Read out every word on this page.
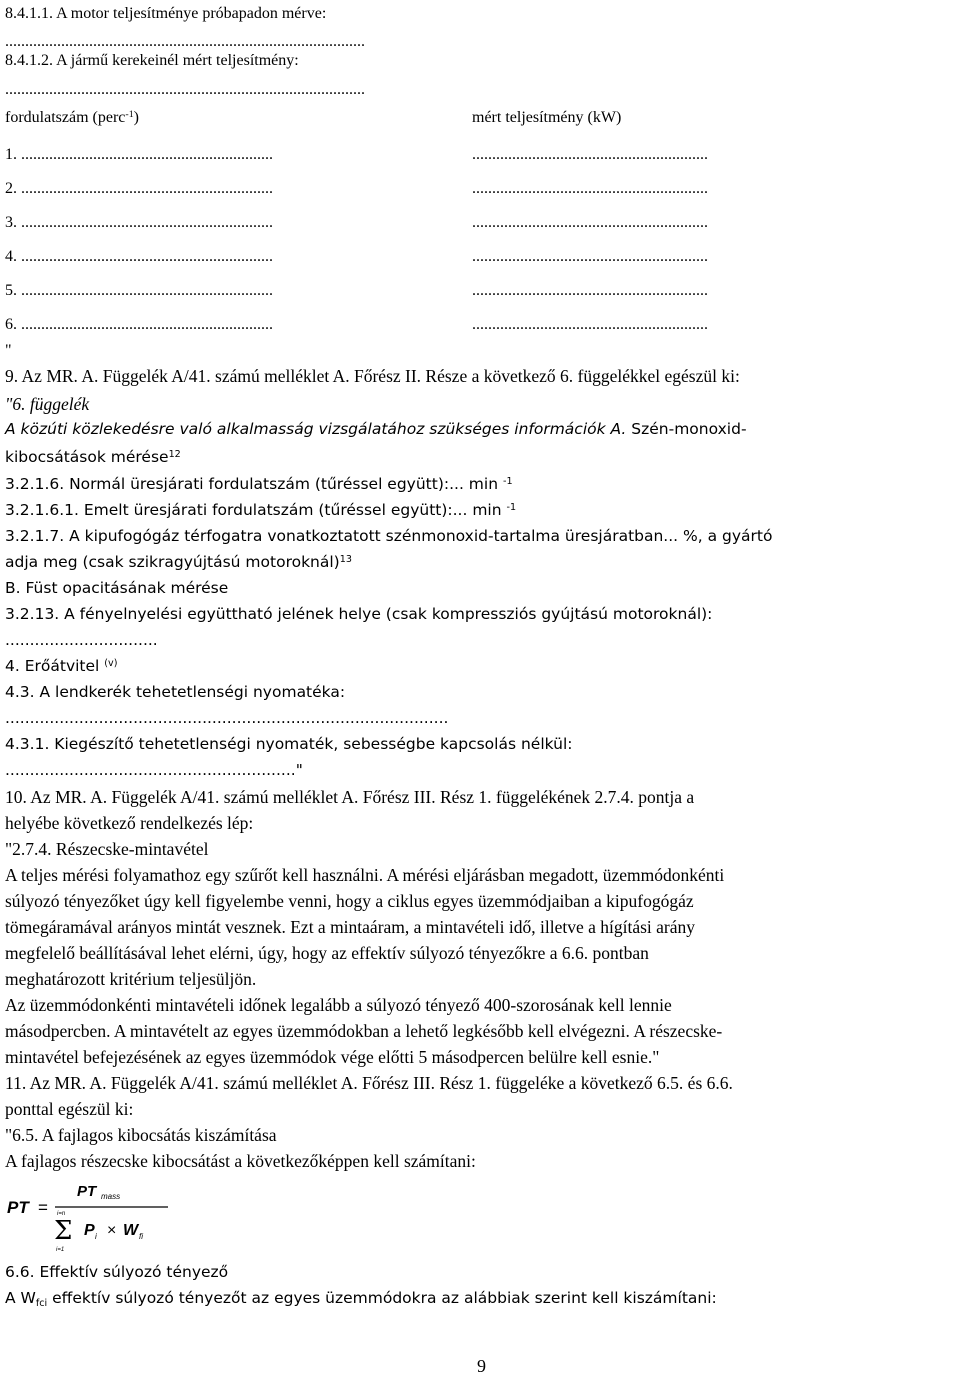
8.4.1.1. A motor teljesítménye próbapadon mérve:
..........................................................................................
8.4.1.2. A jármű kerekeinél mért teljesítmény:
..........................................................................................
fordulatszám (perc$^{-1}$)	mért teljesítmény (kW)
1. ...............................................................	...........................................................
2. ...............................................................	...........................................................
3. ...............................................................	...........................................................
4. ...............................................................	...........................................................
5. ...............................................................	...........................................................
6. ...............................................................	...........................................................
"
9. Az MR. A. Függelék A/41. számú melléklet A. Főrész II. Része a következő 6. függelékkel egészül ki:
"6. függelék
A közúti közlekedésre való alkalmasság vizsgálatához szükséges információk A. Szén-monoxid-
kibocsátások mérése$^{12}$
3.2.1.6. Normál üresjárati fordulatszám (tűréssel együtt):... min $^{-1}$
3.2.1.6.1. Emelt üresjárati fordulatszám (tűréssel együtt):... min $^{-1}$
3.2.1.7. A kipufogógáz térfogatra vonatkoztatott szénmonoxid-tartalma üresjáratban... %, a gyártó
adja meg (csak szikragyújtású motoroknál)$^{13}$
B. Füst opacitásának mérése
3.2.13. A fényelnyelési együttható jelének helye (csak kompressziós gyújtású motoroknál):
...............................
4. Erőátvitel $^{(v)}$
4.3. A lendkerék tehetetlenségi nyomatéka:
..........................................................................................
4.3.1. Kiegészítő tehetetlenségi nyomaték, sebességbe kapcsolás nélkül:
..........................................................."
10. Az MR. A. Függelék A/41. számú melléklet A. Főrész III. Rész 1. függelékének 2.7.4. pontja a
helyébe következő rendelkezés lép:
"2.7.4. Részecske-mintavétel
A teljes mérési folyamathoz egy szűrőt kell használni. A mérési eljárásban megadott, üzemmódonkénti
súlyozó tényezőket úgy kell figyelembe venni, hogy a ciklus egyes üzemmódjaiban a kipufogógáz
tömegáramával arányos mintát vesznek. Ezt a mintaáram, a mintavételi idő, illetve a hígítási arány
megfelelő beállításával lehet elérni, úgy, hogy az effektív súlyozó tényezőkre a 6.6. pontban
meghatározott kritérium teljesüljön.
Az üzemmódonkénti mintavételi időnek legalább a súlyozó tényező 400-szorosának kell lennie
másodpercben. A mintavételt az egyes üzemmódokban a lehető legkésőbb kell elvégezni. A részecske-
mintavétel befejezésének az egyes üzemmódok vége előtti 5 másodpercen belülre kell esnie."
11. Az MR. A. Függelék A/41. számú melléklet A. Főrész III. Rész 1. függeléke a következő 6.5. és 6.6.
ponttal egészül ki:
"6.5. A fajlagos kibocsátás kiszámítása
A fajlagos részecske kibocsátást a következőképpen kell számítani:
PT =
PT mass
i=n
Σ
i=1
P i × W fi
6.6. Effektív súlyozó tényező
A $W_{fci}$ effektív súlyozó tényezőt az egyes üzemmódokra az alábbiak szerint kell kiszámítani:
9
